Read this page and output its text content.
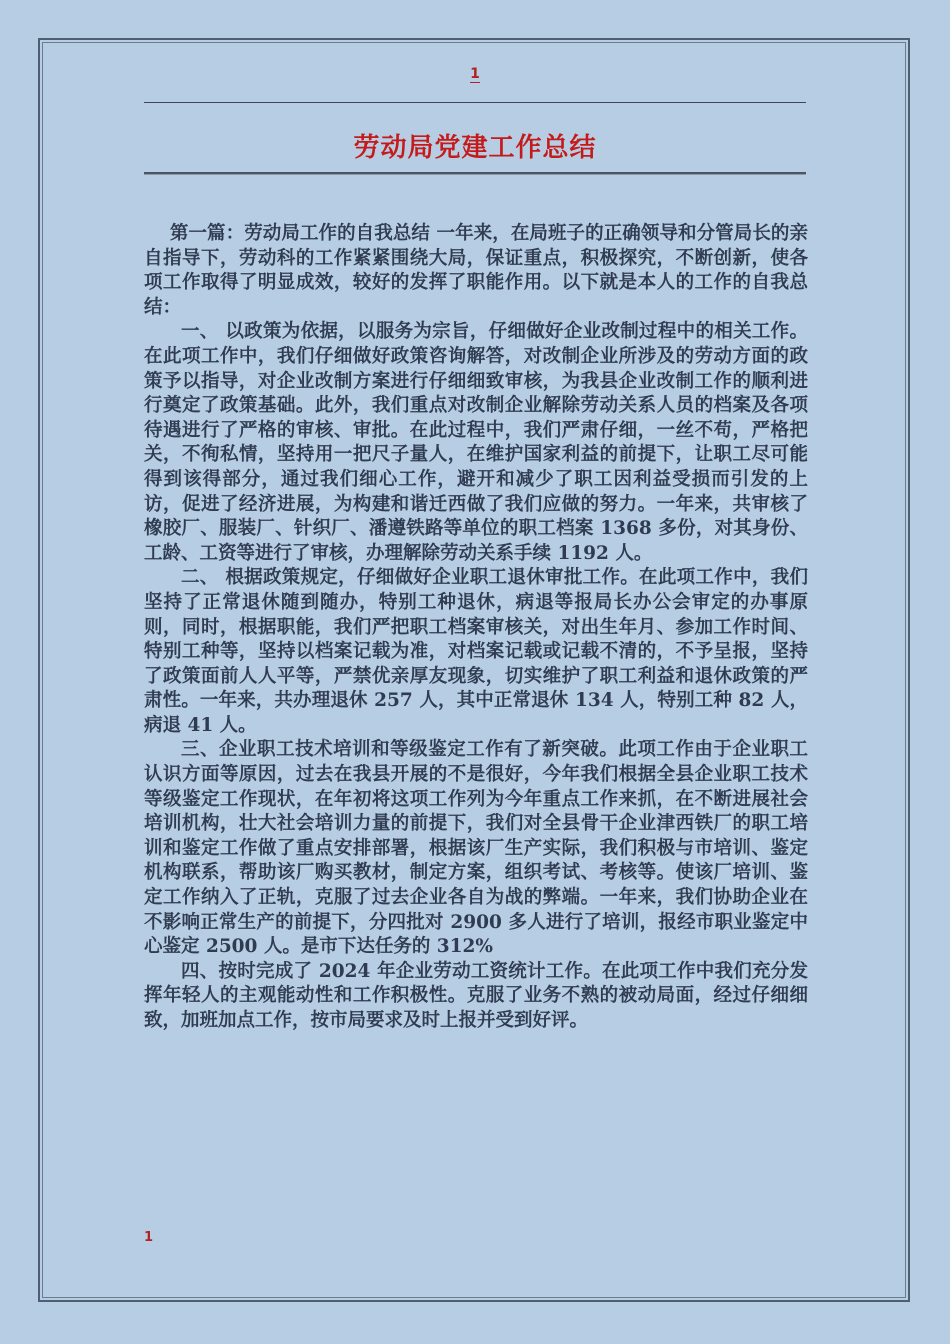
1
劳动局党建工作总结

第一篇：劳动局工作的自我总结 一年来，在局班子的正确领导和分管局长的亲自指导下，劳动科的工作紧紧围绕大局，保证重点，积极探究，不断创新，使各项工作取得了明显成效，较好的发挥了职能作用。以下就是本人的工作的自我总结：

一、 以政策为依据，以服务为宗旨，仔细做好企业改制过程中的相关工作。在此项工作中，我们仔细做好政策咨询解答，对改制企业所涉及的劳动方面的政策予以指导，对企业改制方案进行仔细细致审核，为我县企业改制工作的顺利进行奠定了政策基础。此外，我们重点对改制企业解除劳动关系人员的档案及各项待遇进行了严格的审核、审批。在此过程中，我们严肃仔细，一丝不苟，严格把关，不徇私情，坚持用一把尺子量人，在维护国家利益的前提下，让职工尽可能得到该得部分，通过我们细心工作，避开和减少了职工因利益受损而引发的上访，促进了经济进展，为构建和谐迁西做了我们应做的努力。一年来，共审核了橡胶厂、服装厂、针织厂、潘遵铁路等单位的职工档案 1368 多份，对其身份、工龄、工资等进行了审核，办理解除劳动关系手续 1192 人。

二、 根据政策规定，仔细做好企业职工退休审批工作。在此项工作中，我们坚持了正常退休随到随办，特别工种退休，病退等报局长办公会审定的办事原则，同时，根据职能，我们严把职工档案审核关，对出生年月、参加工作时间、特别工种等，坚持以档案记载为准，对档案记载或记载不清的，不予呈报，坚持了政策面前人人平等，严禁优亲厚友现象，切实维护了职工利益和退休政策的严肃性。一年来，共办理退休 257 人，其中正常退休 134 人，特别工种 82 人，病退 41 人。

三、企业职工技术培训和等级鉴定工作有了新突破。此项工作由于企业职工认识方面等原因，过去在我县开展的不是很好，今年我们根据全县企业职工技术等级鉴定工作现状，在年初将这项工作列为今年重点工作来抓，在不断进展社会培训机构，壮大社会培训力量的前提下，我们对全县骨干企业津西铁厂的职工培训和鉴定工作做了重点安排部署，根据该厂生产实际，我们积极与市培训、鉴定机构联系，帮助该厂购买教材，制定方案，组织考试、考核等。使该厂培训、鉴定工作纳入了正轨，克服了过去企业各自为战的弊端。一年来，我们协助企业在不影响正常生产的前提下，分四批对 2900 多人进行了培训，报经市职业鉴定中心鉴定 2500 人。是市下达任务的 312%

四、按时完成了 2024 年企业劳动工资统计工作。在此项工作中我们充分发挥年轻人的主观能动性和工作积极性。克服了业务不熟的被动局面，经过仔细细致，加班加点工作，按市局要求及时上报并受到好评。

1
